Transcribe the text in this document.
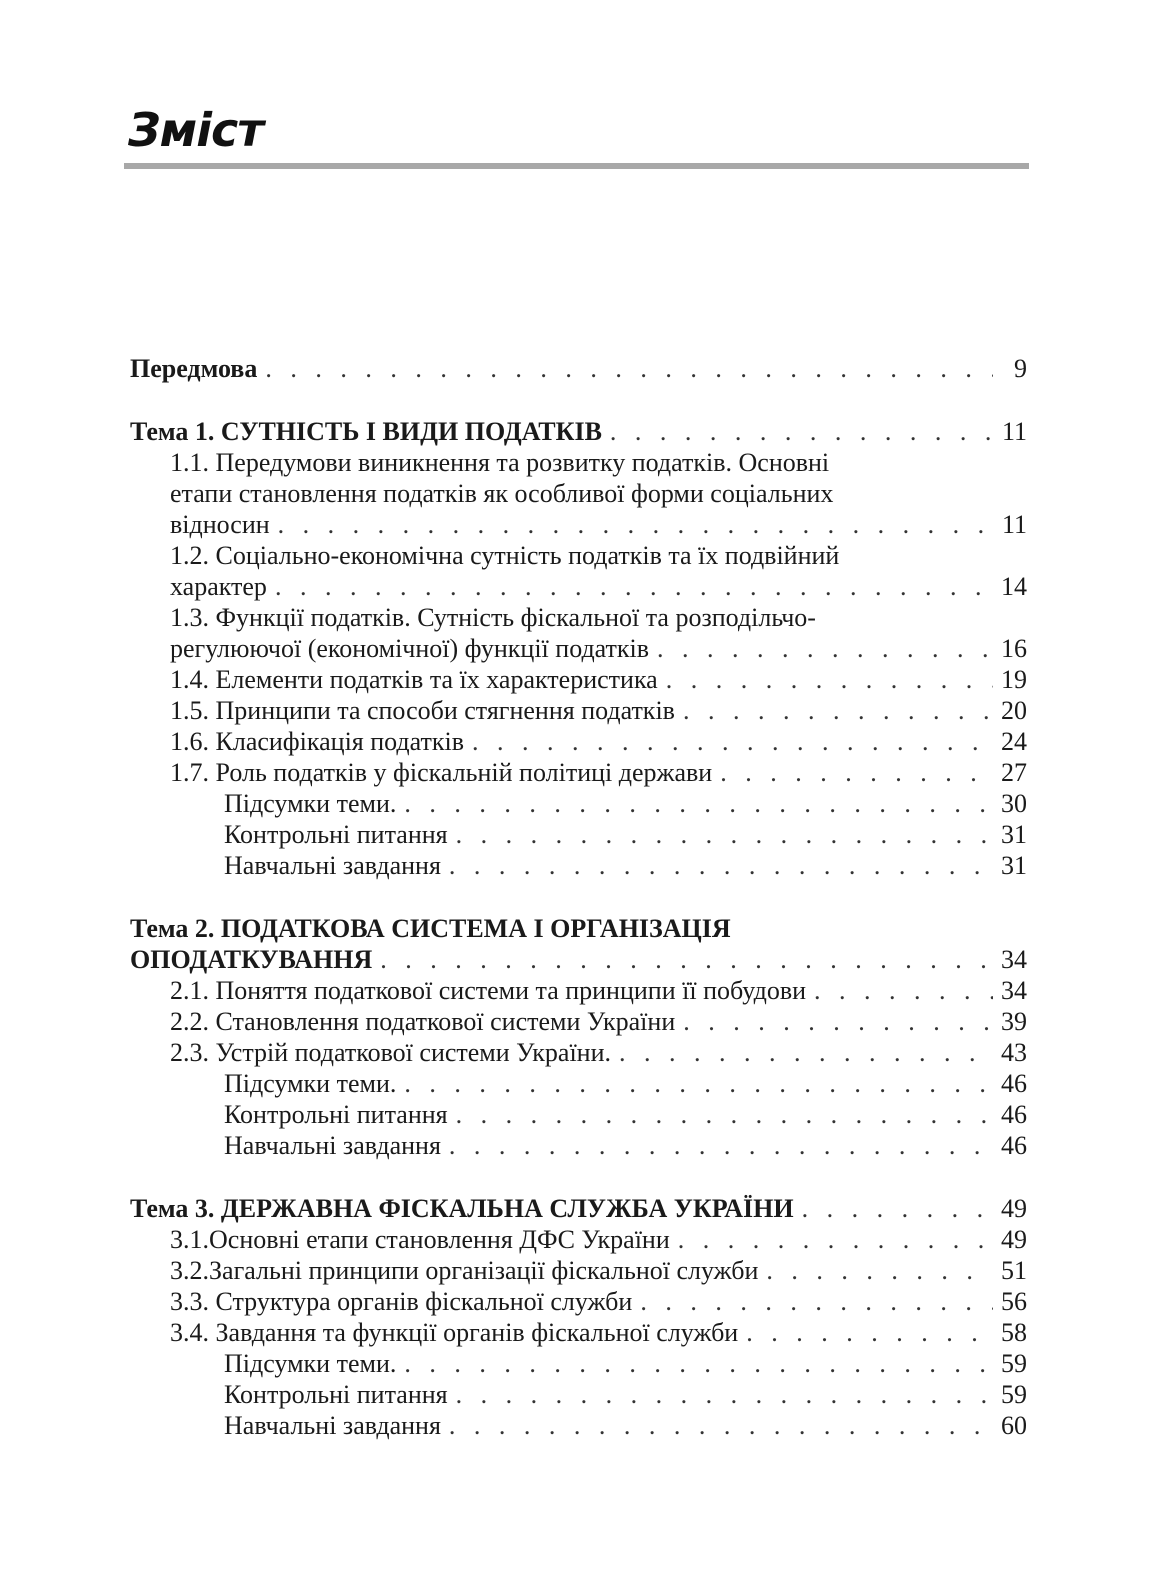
Зміст
Передмова . . .	9
Тема 1. СУТНІСТЬ І ВИДИ ПОДАТКІВ . . .	11
1.1. Передумови виникнення та розвитку податків. Основні
етапи становлення податків як особливої форми соціальних
відносин . . .	11
1.2. Соціально-економічна сутність податків та їх подвійний
характер . . .	14
1.3. Функції податків. Сутність фіскальної та розподільчо-
регулюючої (економічної) функції податків . . .	16
1.4. Елементи податків та їх характеристика . . .	19
1.5. Принципи та способи стягнення податків . . .	20
1.6. Класифікація податків . . .	24
1.7. Роль податків у фіскальній політиці держави . . .	27
Підсумки теми. . . .	30
Контрольні питання . . .	31
Навчальні завдання . . .	31
Тема 2. ПОДАТКОВА СИСТЕМА І ОРГАНІЗАЦІЯ
ОПОДАТКУВАННЯ . . .	34
2.1. Поняття податкової системи та принципи її побудови . . .	34
2.2. Становлення податкової системи України . . .	39
2.3. Устрій податкової системи України. . . .	43
Підсумки теми. . . .	46
Контрольні питання . . .	46
Навчальні завдання . . .	46
Тема 3. ДЕРЖАВНА ФІСКАЛЬНА СЛУЖБА УКРАЇНИ . . .	49
3.1.Основні етапи становлення ДФС України . . .	49
3.2.Загальні принципи організації фіскальної служби . . .	51
3.3. Структура органів фіскальної служби . . .	56
3.4. Завдання та функції органів фіскальної служби . . .	58
Підсумки теми. . . .	59
Контрольні питання . . .	59
Навчальні завдання . . .	60
